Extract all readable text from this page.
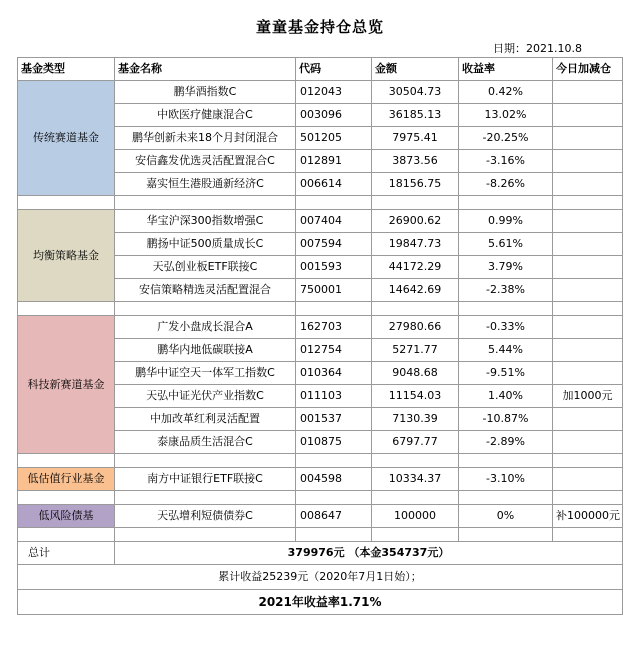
童童基金持仓总览
日期：2021.10.8
基金类型	基金名称	代码	金额	收益率	今日加减仓
传统赛道基金	鹏华酒指数C	012043	30504.73	0.42%	
	中欧医疗健康混合C	003096	36185.13	13.02%	
	鹏华创新未来18个月封闭混合	501205	7975.41	-20.25%	
	安信鑫发优选灵活配置混合C	012891	3873.56	-3.16%	
	嘉实恒生港股通新经济C	006614	18156.75	-8.26%	

均衡策略基金	华宝沪深300指数增强C	007404	26900.62	0.99%	
	鹏扬中证500质量成长C	007594	19847.73	5.61%	
	天弘创业板ETF联接C	001593	44172.29	3.79%	
	安信策略精选灵活配置混合	750001	14642.69	-2.38%	

科技新赛道基金	广发小盘成长混合A	162703	27980.66	-0.33%	
	鹏华内地低碳联接A	012754	5271.77	5.44%	
	鹏华中证空天一体军工指数C	010364	9048.68	-9.51%	
	天弘中证光伏产业指数C	011103	11154.03	1.40%	加1000元
	中加改革红利灵活配置	001537	7130.39	-10.87%	
	泰康品质生活混合C	010875	6797.77	-2.89%	

低估值行业基金	南方中证银行ETF联接C	004598	10334.37	-3.10%	

低风险债基	天弘增利短债债券C	008647	100000	0%	补100000元

总计	379976元 （本金354737元）				
累计收益25239元（2020年7月1日始）；					
2021年收益率1.71%					
